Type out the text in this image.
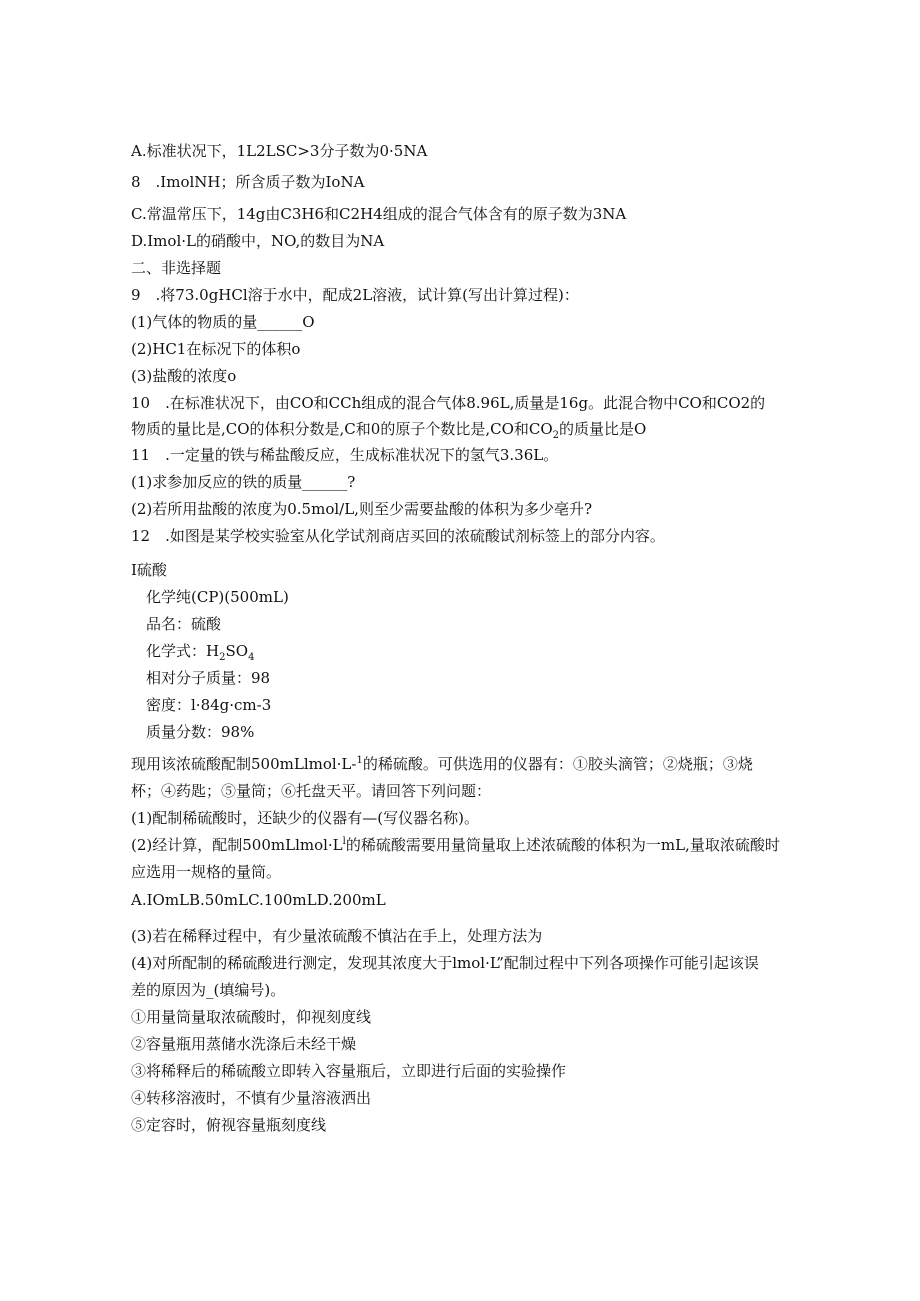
A.标准状况下，1L2LSC>3分子数为0·5NA
8　.ImolNH；所含质子数为IoNA
C.常温常压下，14g由C3H6和C2H4组成的混合气体含有的原子数为3NA
D.Imol·L的硝酸中，NO,的数目为NA
二、非选择题
9　.将73.0gHCl溶于水中，配成2L溶液，试计算(写出计算过程)：
(1)气体的物质的量______O
(2)HC1在标况下的体积o
(3)盐酸的浓度o
10　.在标准状况下，由CO和CCh组成的混合气体8.96L,质量是16g。此混合物中CO和CO2的
物质的量比是,CO的体积分数是,C和0的原子个数比是,CO和$CO_2$的质量比是O
11　.一定量的铁与稀盐酸反应，生成标准状况下的氢气3.36L。
(1)求参加反应的铁的质量______?
(2)若所用盐酸的浓度为0.5mol∕L,则至少需要盐酸的体积为多少亳升?
12　.如图是某学校实验室从化学试剂商店买回的浓硫酸试剂标签上的部分内容。
I硫酸
化学纯(CP)(500mL)
品名：硫酸
化学式：$H_2SO_4$
相对分子质量：98
密度：l·84g·cm-3
质量分数：98%
现用该浓硫酸配制500mLlmol·L-$^1$的稀硫酸。可供选用的仪器有：①胶头滴管；②烧瓶；③烧
杯；④药匙；⑤量筒；⑥托盘天平。请回答下列问题：
(1)配制稀硫酸时，还缺少的仪器有—(写仪器名称)。
(2)经计算，配制$500mLlmol\cdot L^l$的稀硫酸需要用量筒量取上述浓硫酸的体积为一mL,量取浓硫酸时
应选用一规格的量筒。
A.IOmLB.50mLC.100mLD.200mL
(3)若在稀释过程中，有少量浓硫酸不慎沾在手上，处理方法为
(4)对所配制的稀硫酸进行测定，发现其浓度大于lmol·L”配制过程中下列各项操作可能引起该误
差的原因为_(填编号)。
①用量筒量取浓硫酸时，仰视刻度线
②容量瓶用蒸储水洗涤后未经干燥
③将稀释后的稀硫酸立即转入容量瓶后，立即进行后面的实验操作
④转移溶液时，不慎有少量溶液洒出
⑤定容时，俯视容量瓶刻度线
